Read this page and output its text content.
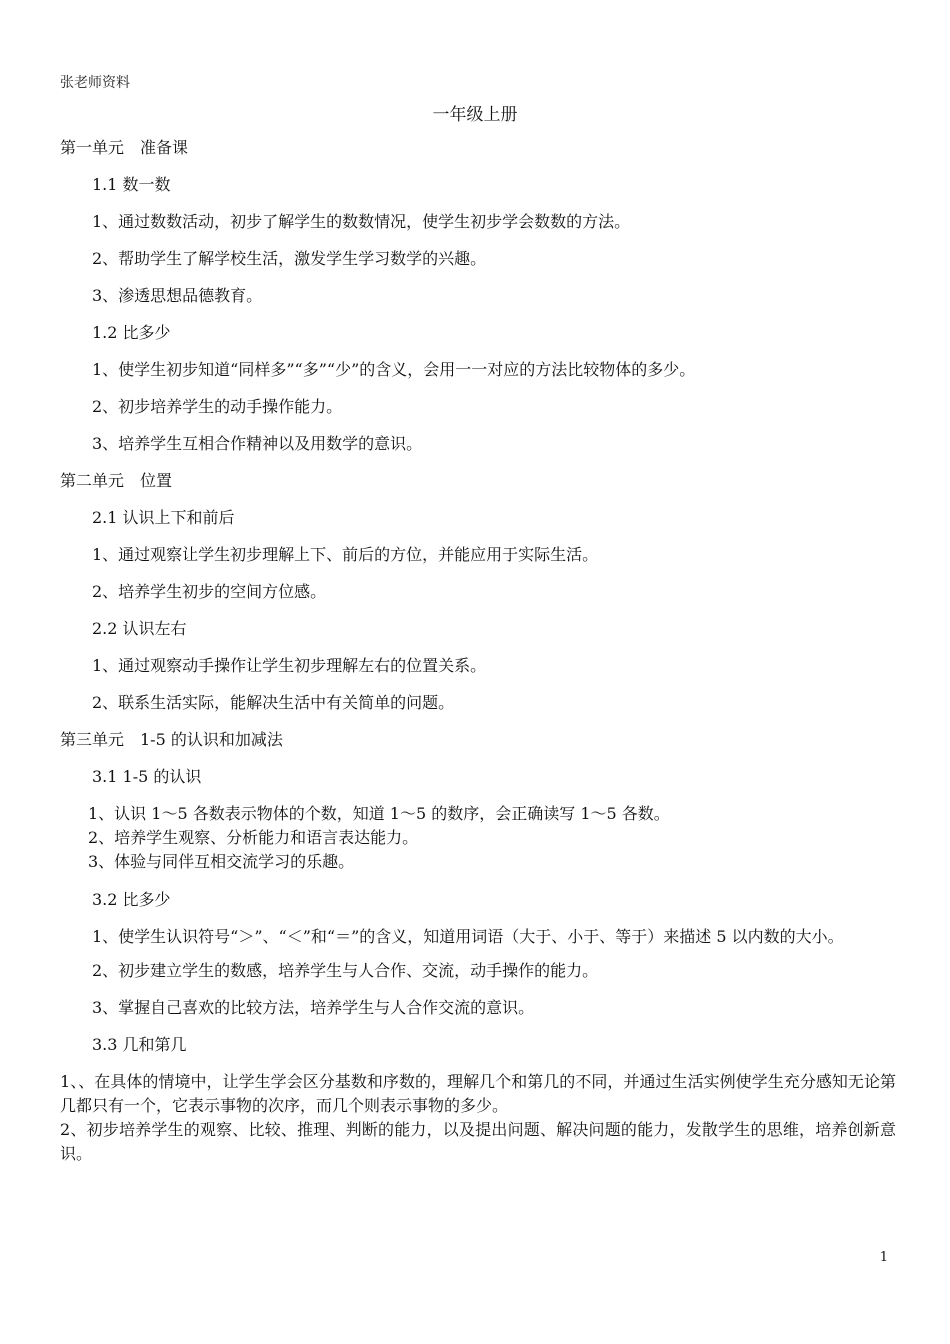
张老师资料
一年级上册

第一单元　准备课

1.1 数一数

1、通过数数活动，初步了解学生的数数情况，使学生初步学会数数的方法。

2、帮助学生了解学校生活，激发学生学习数学的兴趣。

3、渗透思想品德教育。

1.2 比多少

1、使学生初步知道“同样多”“多”“少”的含义，会用一一对应的方法比较物体的多少。

2、初步培养学生的动手操作能力。

3、培养学生互相合作精神以及用数学的意识。

第二单元　位置

2.1 认识上下和前后

1、通过观察让学生初步理解上下、前后的方位，并能应用于实际生活。

2、培养学生初步的空间方位感。

2.2 认识左右

1、通过观察动手操作让学生初步理解左右的位置关系。

2、联系生活实际，能解决生活中有关简单的问题。

第三单元　1-5 的认识和加减法

3.1 1-5 的认识

1、认识 1～5 各数表示物体的个数，知道 1～5 的数序，会正确读写 1～5 各数。

2、培养学生观察、分析能力和语言表达能力。

3、体验与同伴互相交流学习的乐趣。

3.2 比多少

1、使学生认识符号“＞”、“＜”和“＝”的含义，知道用词语（大于、小于、等于）来描述 5 以内数的大小。

2、初步建立学生的数感，培养学生与人合作、交流，动手操作的能力。

3、掌握自己喜欢的比较方法，培养学生与人合作交流的意识。

3.3 几和第几

1、、在具体的情境中，让学生学会区分基数和序数的，理解几个和第几的不同，并通过生活实例使学生充分感知无论第几都只有一个，它表示事物的次序，而几个则表示事物的多少。

2、初步培养学生的观察、比较、推理、判断的能力，以及提出问题、解决问题的能力，发散学生的思维，培养创新意识。

1
